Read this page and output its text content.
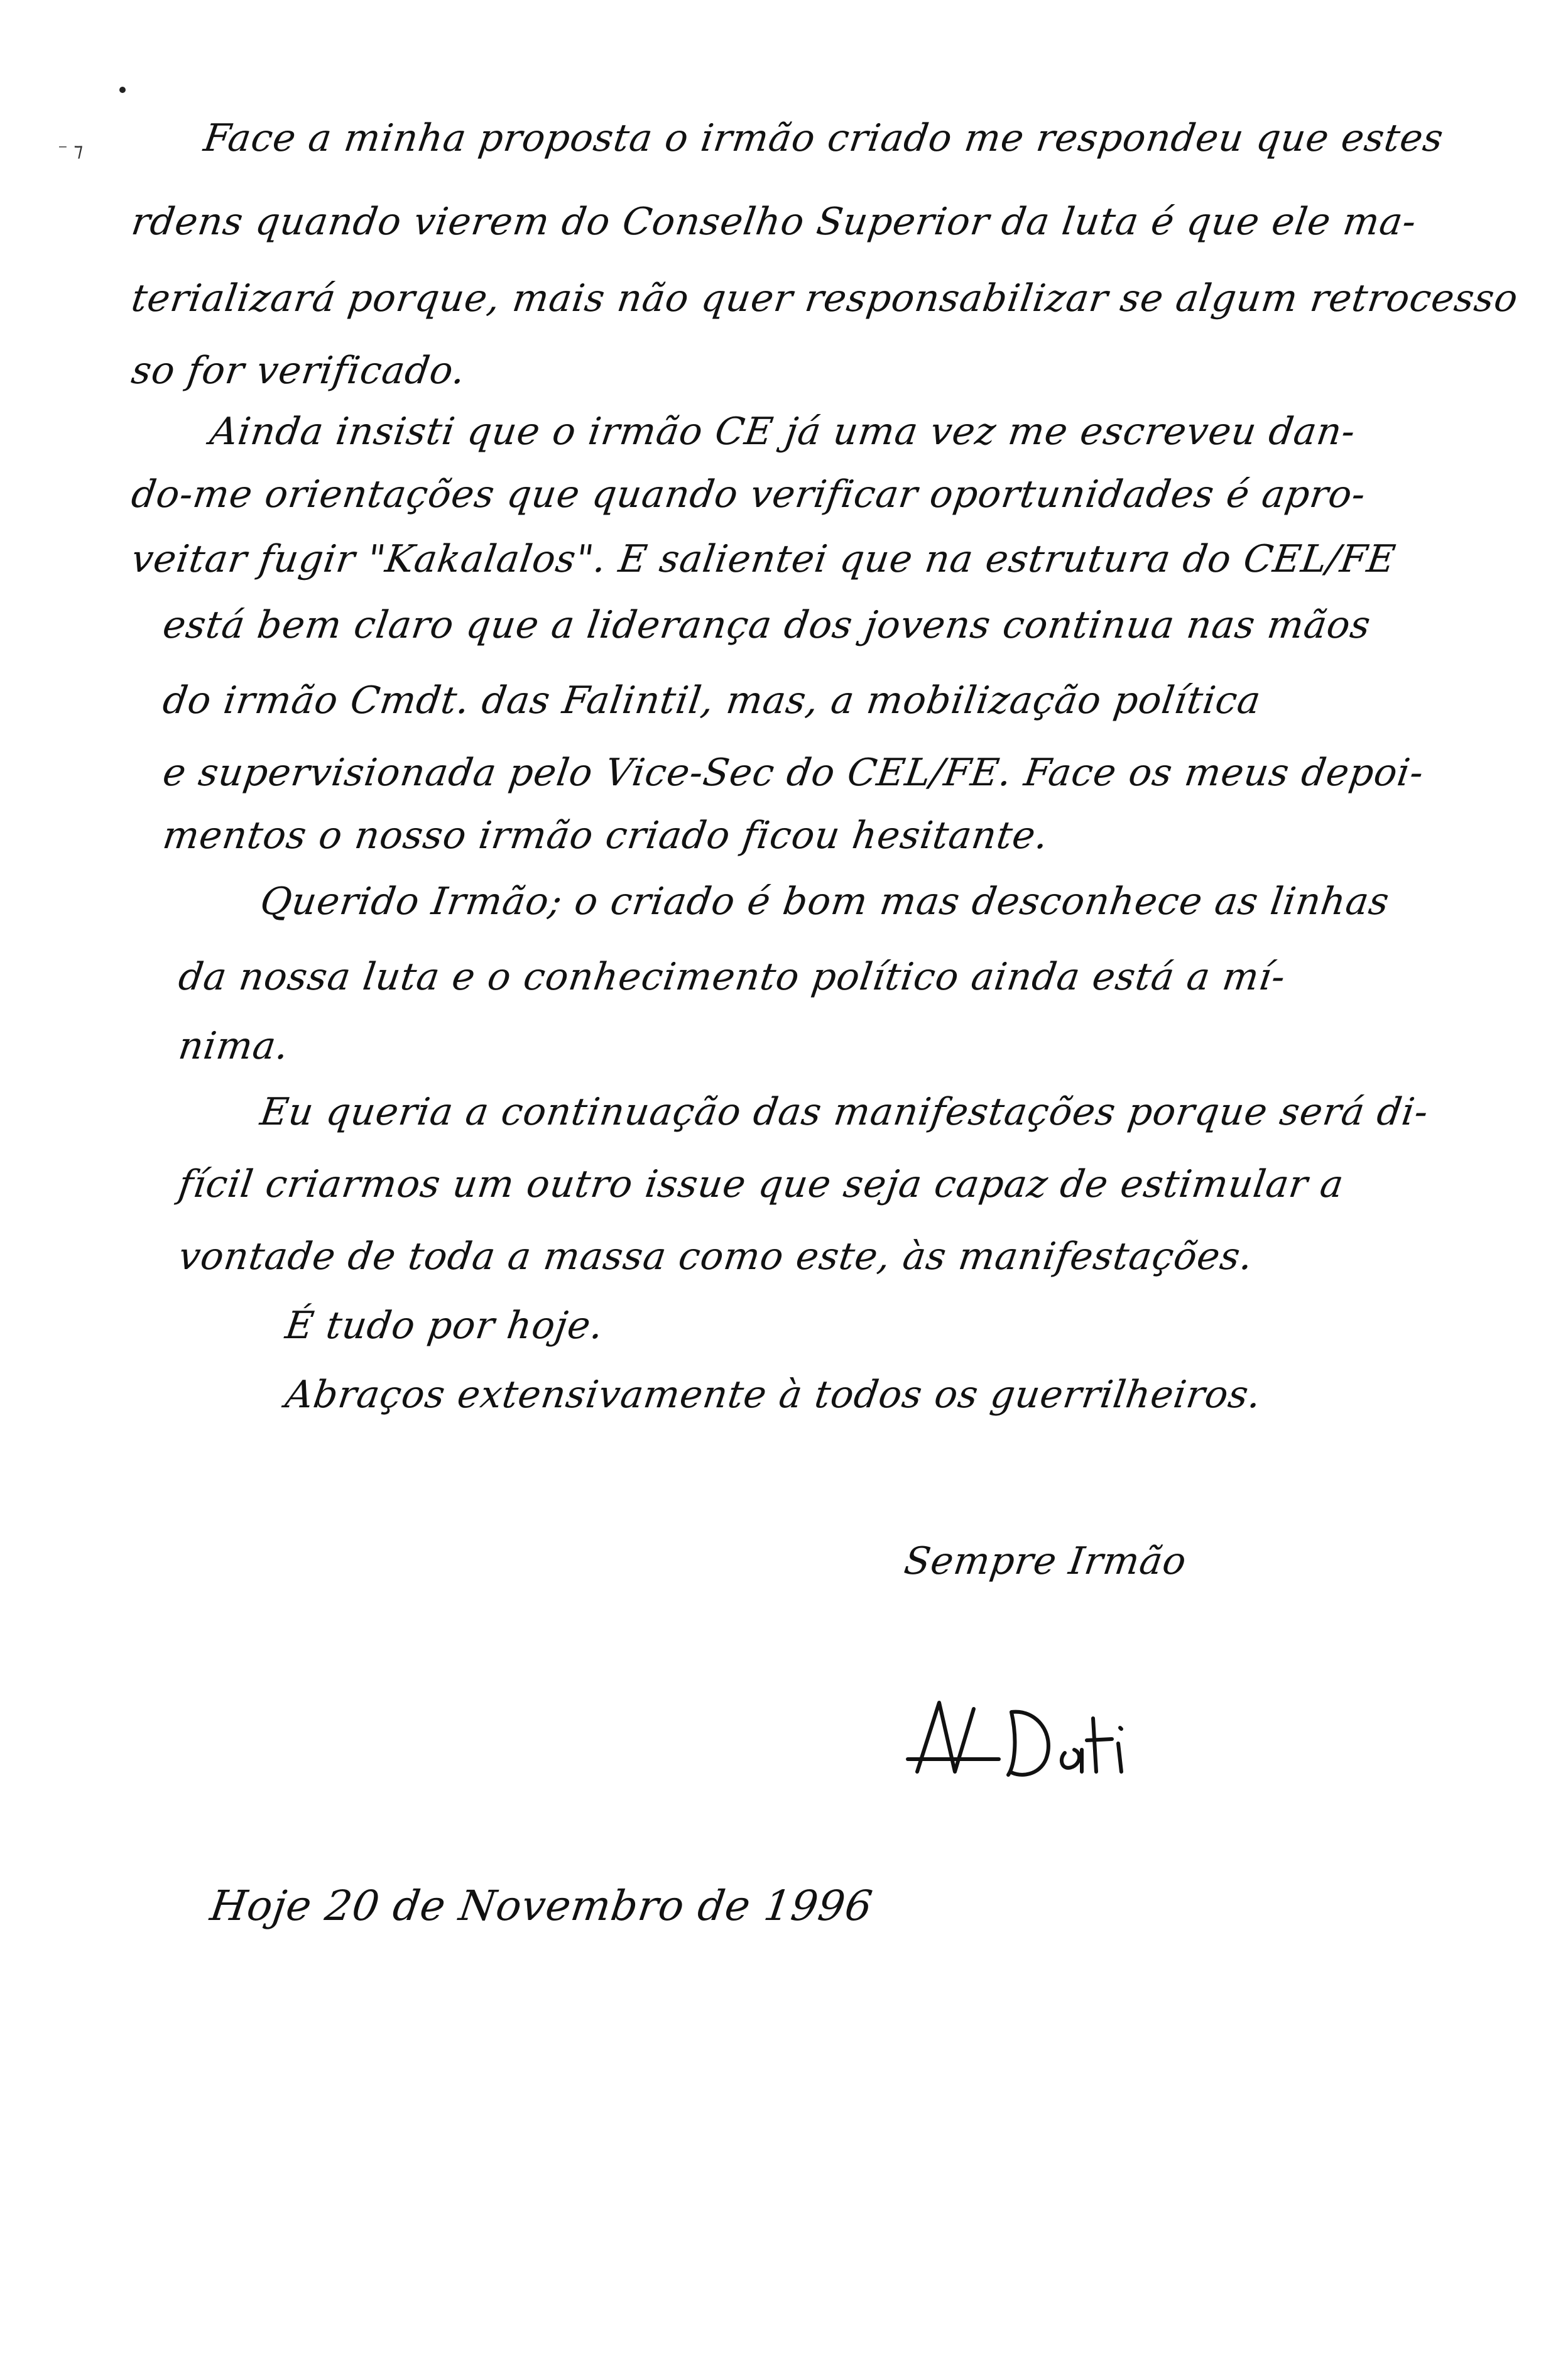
⁻ ⁊	Face a minha proposta o irmão criado me respondeu que estes
rdens quando vierem do Conselho Superior da luta é que ele ma-
terializará porque, mais não quer responsabilizar se algum retrocesso
so for verificado.
Ainda insisti que o irmão CE já uma vez me escreveu dan-
do-me orientações que quando verificar oportunidades é apro-
veitar fugir "Kakalalos". E salientei que na estrutura do CEL/FE
está bem claro que a liderança dos jovens continua nas mãos
do irmão Cmdt. das Falintil, mas, a mobilização política
e supervisionada pelo Vice-Sec do CEL/FE. Face os meus depoi-
mentos o nosso irmão criado ficou hesitante.
Querido Irmão; o criado é bom mas desconhece as linhas
da nossa luta e o conhecimento político ainda está a mí-
nima.
Eu queria a continuação das manifestações porque será di-
fícil criarmos um outro issue que seja capaz de estimular a
vontade de toda a massa como este, às manifestações.
É tudo por hoje.
Abraços extensivamente à todos os guerrilheiros.
Sempre Irmão
Hoje 20 de Novembro de 1996
